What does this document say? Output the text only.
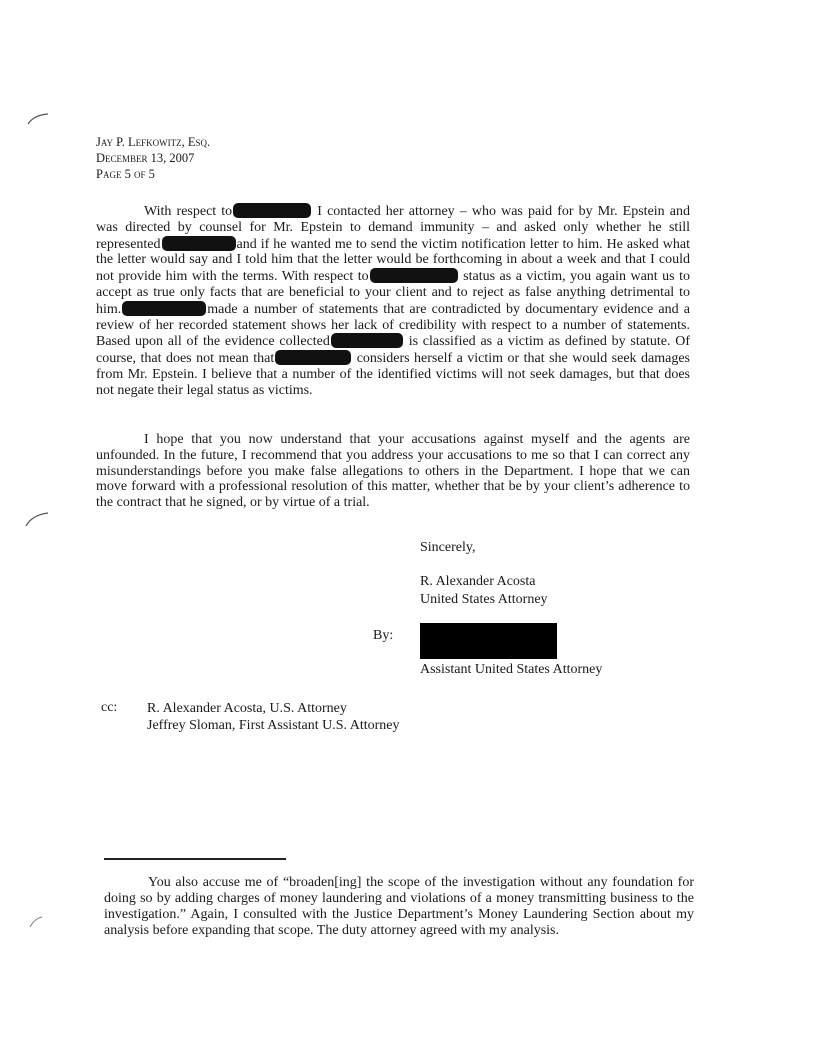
Jay P. Lefkowitz, Esq.
December 13, 2007
Page 5 of 5

With respect to	I contacted her attorney – who was paid for by Mr. Epstein and was directed by counsel for Mr. Epstein to demand immunity – and asked only whether he still represented	and if he wanted me to send the victim notification letter to him. He asked what the letter would say and I told him that the letter would be forthcoming in about a week and that I could not provide him with the terms. With respect to	status as a victim, you again want us to accept as true only facts that are beneficial to your client and to reject as false anything detrimental to him.	made a number of statements that are contradicted by documentary evidence and a review of her recorded statement shows her lack of credibility with respect to a number of statements. Based upon all of the evidence collected	is classified as a victim as defined by statute. Of course, that does not mean that	considers herself a victim or that she would seek damages from Mr. Epstein. I believe that a number of the identified victims will not seek damages, but that does not negate their legal status as victims.

I hope that you now understand that your accusations against myself and the agents are unfounded. In the future, I recommend that you address your accusations to me so that I can correct any misunderstandings before you make false allegations to others in the Department. I hope that we can move forward with a professional resolution of this matter, whether that be by your client’s adherence to the contract that he signed, or by virtue of a trial.

Sincerely,
R. Alexander Acosta
United States Attorney
By:
Assistant United States Attorney
cc: R. Alexander Acosta, U.S. Attorney
Jeffrey Sloman, First Assistant U.S. Attorney

You also accuse me of “broaden[ing] the scope of the investigation without any foundation for doing so by adding charges of money laundering and violations of a money transmitting business to the investigation.” Again, I consulted with the Justice Department’s Money Laundering Section about my analysis before expanding that scope. The duty attorney agreed with my analysis.
